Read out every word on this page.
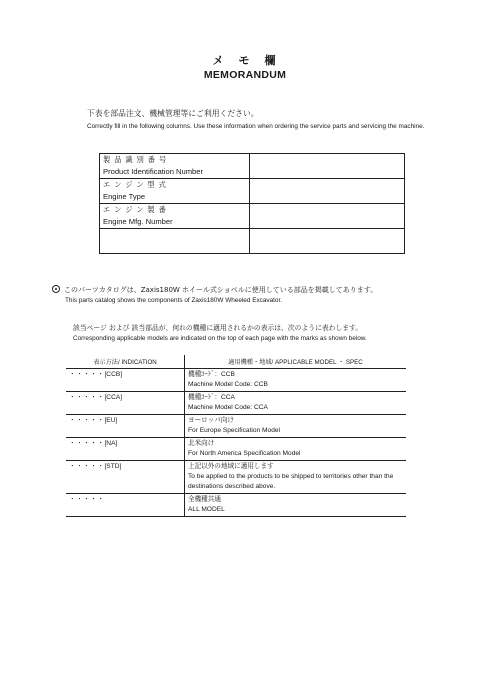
メ　モ　欄
MEMORANDUM
下表を部品注文、機械管理等にご利用ください。
Correctly fill in the following columns. Use these information when ordering the service parts and servicing the machine.
製品識別番号
Product Identification Number	

エンジン型式
Engine Type	

エンジン製番
Engine Mfg. Number	

このパーツカタログは、Zaxis180W ホイール式ショベルに使用している部品を掲載してあります。
This parts catalog shows the components of Zaxis180W Wheeled Excavator.
該当ページ および 該当部品が、何れの機種に適用されるかの表示は、次のように表わします。
Corresponding applicable models are indicated on the top of each page with the marks as shown below.
表示方法/ INDICATION	適用機種・地域/ APPLICABLE MODEL ・ SPEC
・・・・・[CCB]	機種ｺｰﾄﾞ：CCB
Machine Model Code: CCB

・・・・・[CCA]	機種ｺｰﾄﾞ：CCA
Machine Model Code: CCA

・・・・・[EU]	ヨーロッパ向け
For Europe Specification Model

・・・・・[NA]	北米向け
For North America Specification Model

・・・・・[STD]	上記以外の地域に適用します
To be applied to the products to be shipped to territories other than the destinations described above.

・・・・・	全機種共通
ALL MODEL
